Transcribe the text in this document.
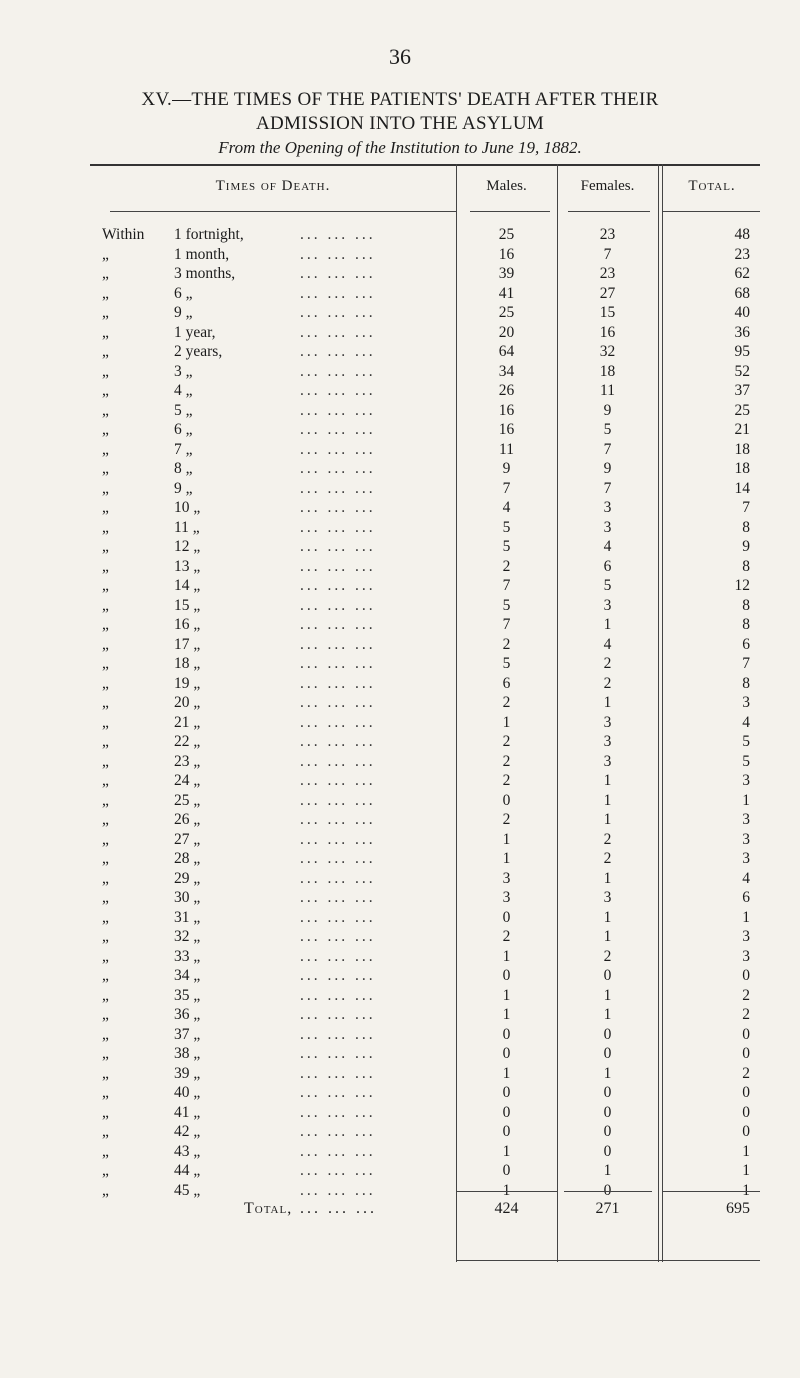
36
XV.—THE TIMES OF THE PATIENTS' DEATH AFTER THEIR
ADMISSION INTO THE ASYLUM
From the Opening of the Institution to June 19, 1882.
Times of Death.	Males.	Females.	Total.
Within	1 fortnight,	... ... ...	25	23	48
„	1 month,	... ... ...	16	7	23
„	3 months,	... ... ...	39	23	62
„	6 „	... ... ...	41	27	68
„	9 „	... ... ...	25	15	40
„	1 year,	... ... ...	20	16	36
„	2 years,	... ... ...	64	32	95
„	3 „	... ... ...	34	18	52
„	4 „	... ... ...	26	11	37
„	5 „	... ... ...	16	9	25
„	6 „	... ... ...	16	5	21
„	7 „	... ... ...	11	7	18
„	8 „	... ... ...	9	9	18
„	9 „	... ... ...	7	7	14
„	10 „	... ... ...	4	3	7
„	11 „	... ... ...	5	3	8
„	12 „	... ... ...	5	4	9
„	13 „	... ... ...	2	6	8
„	14 „	... ... ...	7	5	12
„	15 „	... ... ...	5	3	8
„	16 „	... ... ...	7	1	8
„	17 „	... ... ...	2	4	6
„	18 „	... ... ...	5	2	7
„	19 „	... ... ...	6	2	8
„	20 „	... ... ...	2	1	3
„	21 „	... ... ...	1	3	4
„	22 „	... ... ...	2	3	5
„	23 „	... ... ...	2	3	5
„	24 „	... ... ...	2	1	3
„	25 „	... ... ...	0	1	1
„	26 „	... ... ...	2	1	3
„	27 „	... ... ...	1	2	3
„	28 „	... ... ...	1	2	3
„	29 „	... ... ...	3	1	4
„	30 „	... ... ...	3	3	6
„	31 „	... ... ...	0	1	1
„	32 „	... ... ...	2	1	3
„	33 „	... ... ...	1	2	3
„	34 „	... ... ...	0	0	0
„	35 „	... ... ...	1	1	2
„	36 „	... ... ...	1	1	2
„	37 „	... ... ...	0	0	0
„	38 „	... ... ...	0	0	0
„	39 „	... ... ...	1	1	2
„	40 „	... ... ...	0	0	0
„	41 „	... ... ...	0	0	0
„	42 „	... ... ...	0	0	0
„	43 „	... ... ...	1	0	1
„	44 „	... ... ...	0	1	1
„	45 „	... ... ...	1	0	1
Total, ... ... ...	424	271	695
